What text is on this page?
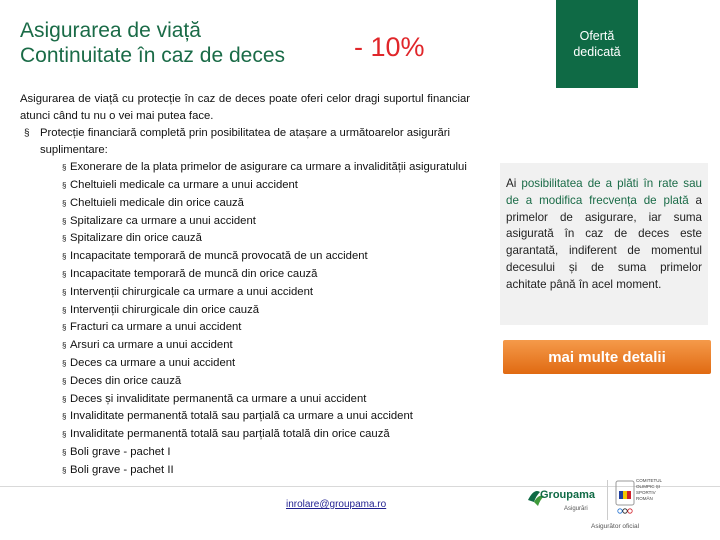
Asigurarea de viață
Continuitate în caz de deces	- 10%	Ofertă
dedicată

Asigurarea de viață cu protecție în caz de deces poate oferi celor dragi suportul financiar atunci când tu nu o vei mai putea face.

§ Protecție financiară completă prin posibilitatea de atașare a următoarelor asigurări suplimentare:
§ Exonerare de la plata primelor de asigurare ca urmare a invalidității asiguratului
§ Cheltuieli medicale ca urmare a unui accident
§ Cheltuieli medicale din orice cauză
§ Spitalizare ca urmare a unui accident
§ Spitalizare din orice cauză
§ Incapacitate temporară de muncă provocată de un accident
§ Incapacitate temporară de muncă din orice cauză
§ Intervenții chirurgicale ca urmare a unui accident
§ Intervenții chirurgicale din orice cauză
§ Fracturi ca urmare a unui accident
§ Arsuri ca urmare a unui accident
§ Deces ca urmare a unui accident
§ Deces din orice cauză
§ Deces și invaliditate permanentă ca urmare a unui accident
§ Invaliditate permanentă totală sau parțială ca urmare a unui accident
§ Invaliditate permanentă totală sau parțială totală din orice cauză
§ Boli grave - pachet I
§ Boli grave - pachet II
Ai posibilitatea de a plăti în rate sau de a modifica frecvența de plată a primelor de asigurare, iar suma asigurată în caz de deces este garantată, indiferent de momentul decesului și de suma primelor achitate până în acel moment.
mai multe detalii
inrolare@groupama.ro
Groupama
Asigurări
COMITETUL OLIMPIC ȘI SPORTIV ROMÂN
Asigurător oficial
